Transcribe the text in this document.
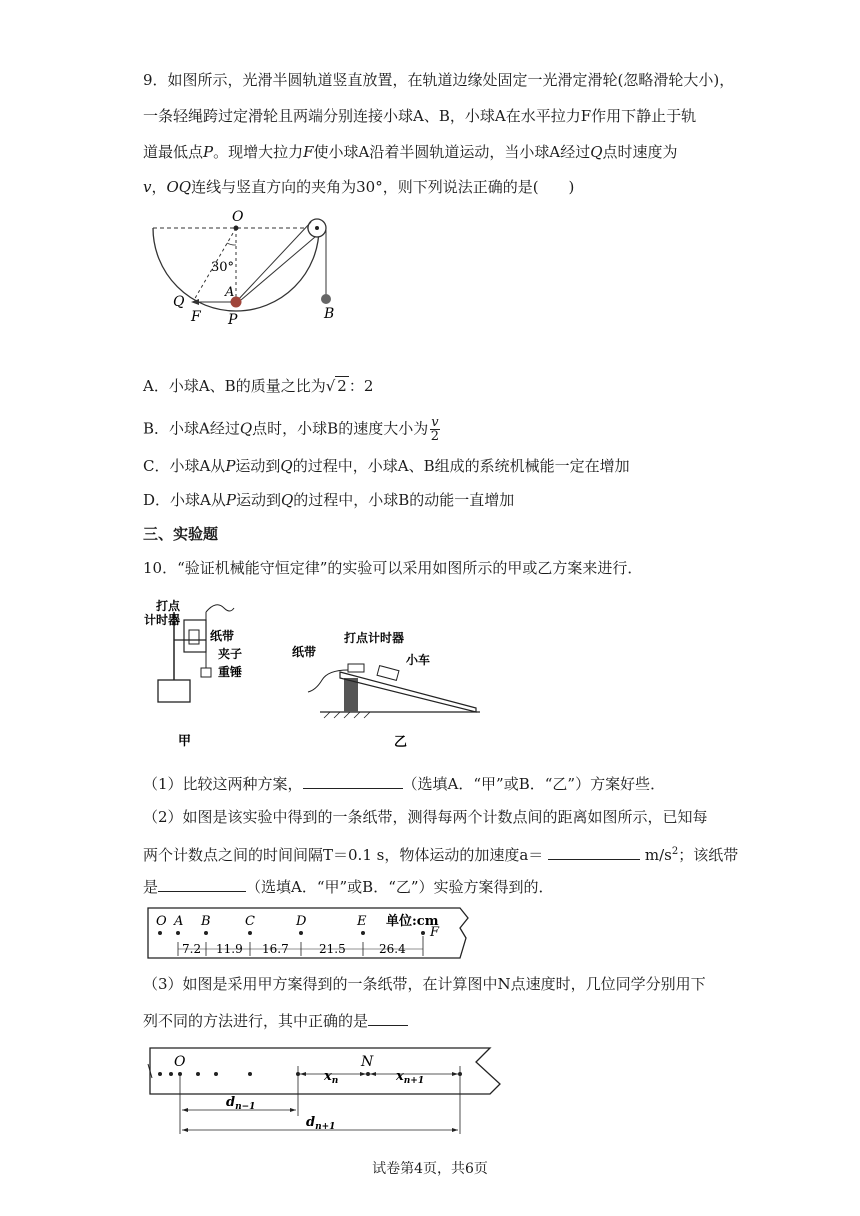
9．如图所示，光滑半圆轨道竖直放置，在轨道边缘处固定一光滑定滑轮(忽略滑轮大小)，
一条轻绳跨过定滑轮且两端分别连接小球A、B，小球A在水平拉力F作用下静止于轨
道最低点P。现增大拉力F使小球A沿着半圆轨道运动，当小球A经过Q点时速度为
v，OQ连线与竖直方向的夹角为30°，则下列说法正确的是(　　)
O
30°
Q
A
F P	B
A．小球A、B的质量之比为√ 2 ：2
B．小球A经过Q点时，小球B的速度大小为 $\frac{v}{2}$
C．小球A从P运动到Q的过程中，小球A、B组成的系统机械能一定在增加
D．小球A从P运动到Q的过程中，小球B的动能一直增加
三、实验题
10．“验证机械能守恒定律”的实验可以采用如图所示的甲或乙方案来进行．
打点
计时器
纸带
夹子
重锤
甲
纸带
打点计时器
小车
乙
（1）比较这两种方案，	（选填A．“甲”或B．“乙”）方案好些．
（2）如图是该实验中得到的一条纸带，测得每两个计数点间的距离如图所示，已知每
两个计数点之间的时间间隔T＝0.1 s，物体运动的加速度a＝	$m/s^2$；该纸带
是	（选填A．“甲”或B．“乙”）实验方案得到的．
O A B	C	D	E
F
单位:cm
7.2 11.9 16.7	21.5	26.4
（3）如图是采用甲方案得到的一条纸带，在计算图中N点速度时，几位同学分别用下
列不同的方法进行，其中正确的是
O	N
$x_n$	$x_{n+1}$
$d_{n-1}$
$d_{n+1}$
试卷第4页，共6页
